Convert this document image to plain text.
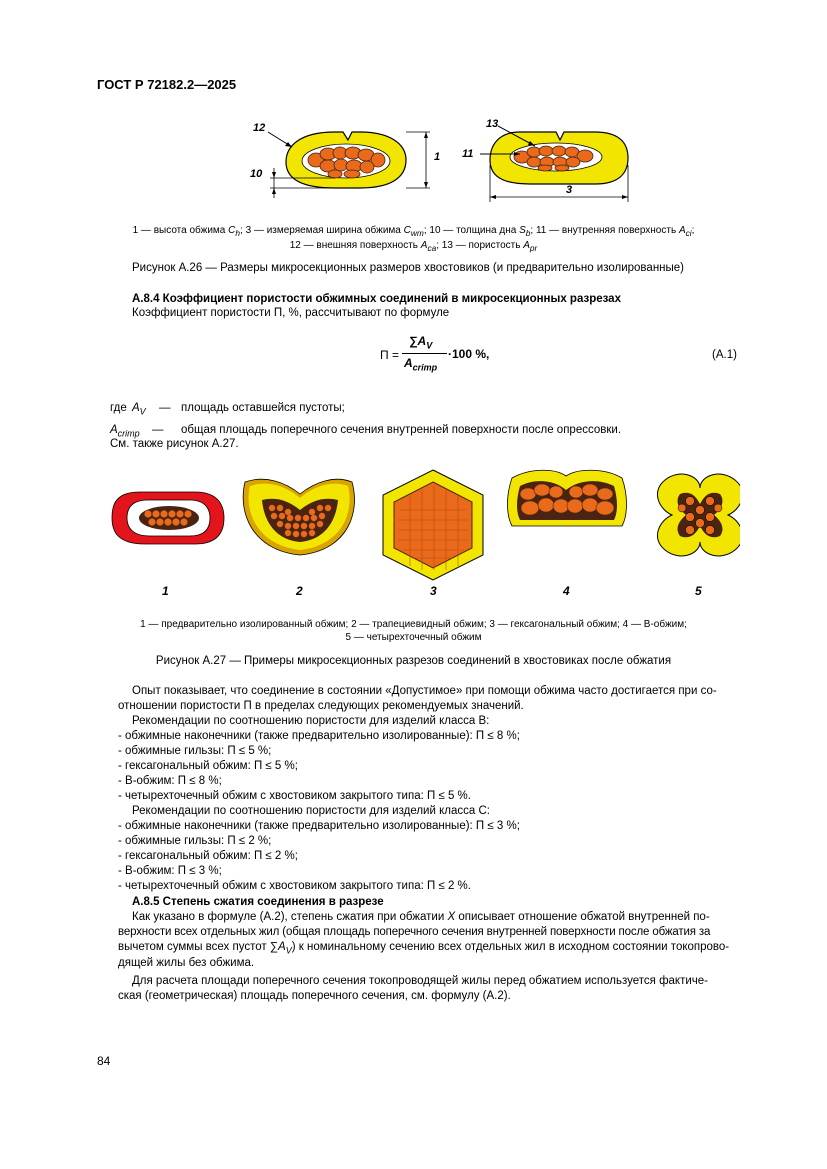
ГОСТ Р 72182.2—2025
12
10
1
13
11
3
1 — высота обжима $C_h$; 3 — измеряемая ширина обжима $C_{wm}$; 10 — толщина дна $S_b$; 11 — внутренняя поверхность $A_{ci}$;
12 — внешняя поверхность $A_{ca}$; 13 — пористость $A_{pr}$
Рисунок А.26 — Размеры микросекционных размеров хвостовиков (и предварительно изолированные)
А.8.4 Коэффициент пористости обжимных соединений в микросекционных разрезах
Коэффициент пористости П, %, рассчитывают по формуле
П =
$\sum A_V$
$A_{crimp}$
·100 %,	(А.1)
где $A_V$ — площадь оставшейся пустоты;
$A_{crimp}$ — общая площадь поперечного сечения внутренней поверхности после опрессовки.
См. также рисунок А.27.
1	2	3	4	5
1 — предварительно изолированный обжим; 2 — трапециевидный обжим; 3 — гексагональный обжим; 4 — В-обжим;
5 — четырехточечный обжим
Рисунок А.27 — Примеры микросекционных разрезов соединений в хвостовиках после обжатия
Опыт показывает, что соединение в состоянии «Допустимое» при помощи обжима часто достигается при со-
отношении пористости П в пределах следующих рекомендуемых значений.
Рекомендации по соотношению пористости для изделий класса В:
- обжимные наконечники (также предварительно изолированные): П ≤ 8 %;
- обжимные гильзы: П ≤ 5 %;
- гексагональный обжим: П ≤ 5 %;
- В-обжим: П ≤ 8 %;
- четырехточечный обжим с хвостовиком закрытого типа: П ≤ 5 %.
Рекомендации по соотношению пористости для изделий класса С:
- обжимные наконечники (также предварительно изолированные): П ≤ 3 %;
- обжимные гильзы: П ≤ 2 %;
- гексагональный обжим: П ≤ 2 %;
- В-обжим: П ≤ 3 %;
- четырехточечный обжим с хвостовиком закрытого типа: П ≤ 2 %.
А.8.5 Степень сжатия соединения в разрезе
Как указано в формуле (А.2), степень сжатия при обжатии X описывает отношение обжатой внутренней по-
верхности всех отдельных жил (общая площадь поперечного сечения внутренней поверхности после обжатия за
вычетом суммы всех пустот $\sum A_V$) к номинальному сечению всех отдельных жил в исходном состоянии токопрово-
дящей жилы без обжима.
Для расчета площади поперечного сечения токопроводящей жилы перед обжатием используется фактиче-
ская (геометрическая) площадь поперечного сечения, см. формулу (А.2).
84
